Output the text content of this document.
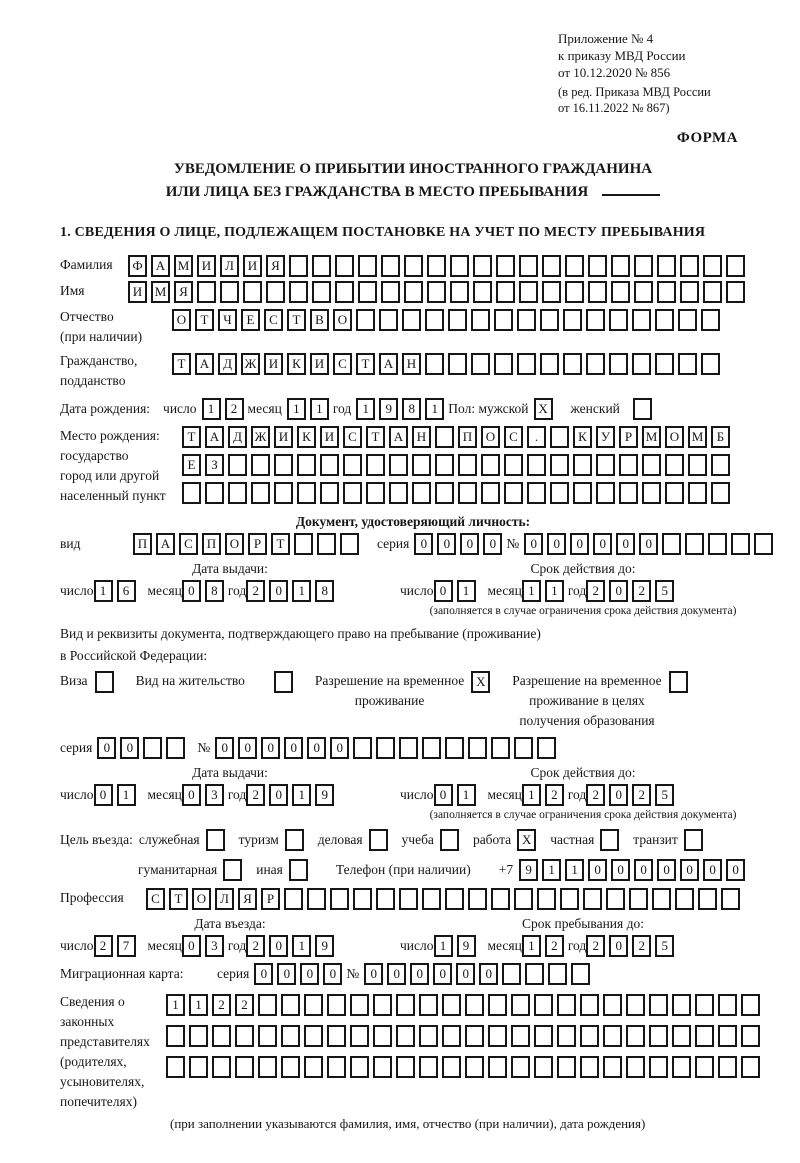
Приложение № 4
к приказу МВД России
от 10.12.2020 № 856
(в ред. Приказа МВД России
от 16.11.2022 № 867)
ФОРМА
УВЕДОМЛЕНИЕ О ПРИБЫТИИ ИНОСТРАННОГО ГРАЖДАНИНА
ИЛИ ЛИЦА БЕЗ ГРАЖДАНСТВА В МЕСТО ПРЕБЫВАНИЯ
1. СВЕДЕНИЯ О ЛИЦЕ, ПОДЛЕЖАЩЕМ ПОСТАНОВКЕ НА УЧЕТ ПО МЕСТУ ПРЕБЫВАНИЯ
Фамилия	Ф	А М И	Л	И	Я
Имя	И М Я
Отчество
(при наличии)
О	Т	Ч	Е	С	Т	В	О
Гражданство,
подданство
Т	А	Д Ж И	К	И	С	Т	А	Н
Дата рождения: число 1	2 месяц 1	1 год 1	9	8	1 Пол: мужской X	женский
Место рождения:
государство
город или другой
населенный пункт
Т	А	Д Ж И	К	И	С	Т	А	Н	П	О	С	.	К	У	Р	М О М	Б
Е	З
Документ, удостоверяющий личность:
вид	П	А	С	П	О	Р	Т	серия 0	0	0	0 № 0	0	0	0	0	0
Дата выдачи:
число 1	6	месяц 0	8 год 2	0	1	8
Срок действия до:
число 0	1	месяц 1	1 год 2	0	2	5
(заполняется в случае ограничения срока действия документа)
Вид и реквизиты документа, подтверждающего право на пребывание (проживание)
в Российской Федерации:
Виза	Вид на жительство	Разрешение на временное
проживание
X	Разрешение на временное
проживание в целях
получения образования
серия 0	0	№ 0	0	0	0	0	0
Дата выдачи:
число 0	1	месяц 0	3 год 2	0	1	9
Срок действия до:
число 0	1	месяц 1	2 год 2	0	2	5
(заполняется в случае ограничения срока действия документа)
Цель въезда: служебная	туризм	деловая	учеба	работа X	частная	транзит
гуманитарная	иная	Телефон (при наличии) +7 9	1	1	0	0	0	0	0	0	0
Профессия	С	Т	О	Л	Я	Р
Дата въезда:
число 2	7	месяц 0	3 год 2	0	1	9
Срок пребывания до:
число 1	9	месяц 1	2 год 2	0	2	5
Миграционная карта:	серия 0	0	0	0 № 0	0	0	0	0	0
Сведения о
законных
представителях
(родителях,
усыновителях,
попечителях)
1	1	2	2
(при заполнении указываются фамилия, имя, отчество (при наличии), дата рождения)
